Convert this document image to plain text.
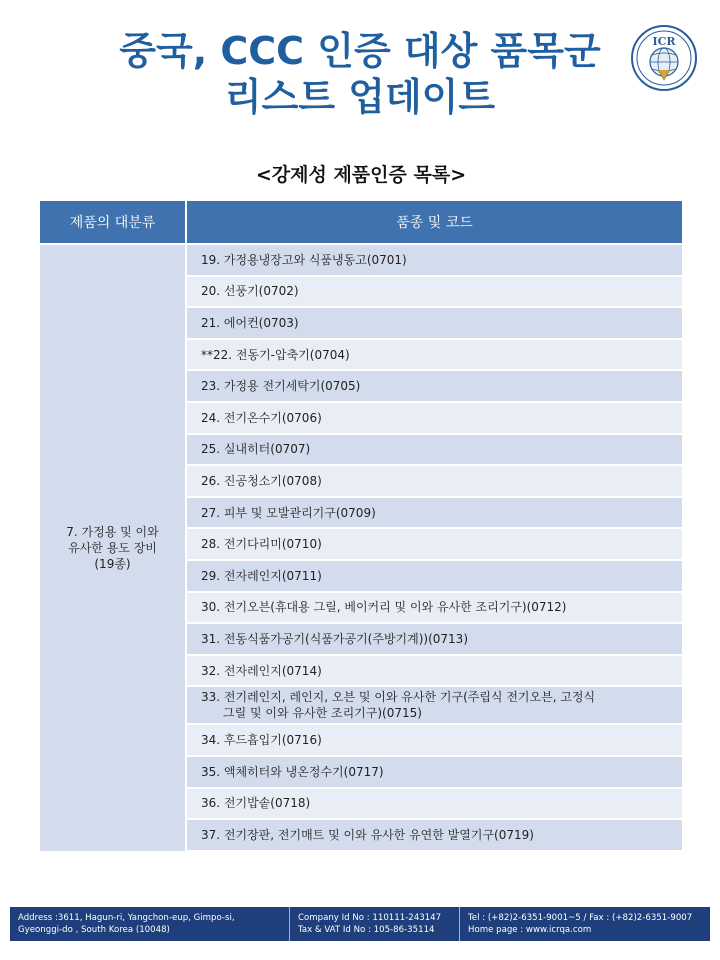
중국, CCC 인증 대상 품목군
리스트 업데이트
ICR
<강제성 제품인증 목록>
제품의 대분류	품종 및 코드

7. 가정용 및 이와
유사한 용도 장비
(19종)	19. 가정용냉장고와 식품냉동고(0701)
	20. 선풍기(0702)
	21. 에어컨(0703)
	**22. 전동기-압축기(0704)
	23. 가정용 전기세탁기(0705)
	24. 전기온수기(0706)
	25. 실내히터(0707)
	26. 진공청소기(0708)
	27. 피부 및 모발관리기구(0709)
	28. 전기다리미(0710)
	29. 전자레인지(0711)
	30. 전기오븐(휴대용 그릴, 베이커리 및 이와 유사한 조리기구)(0712)
	31. 전동식품가공기(식품가공기(주방기계))(0713)
	32. 전자레인지(0714)
	33. 전기레인지, 레인지, 오븐 및 이와 유사한 기구(주립식 전기오븐, 고정식
그릴 및 이와 유사한 조리기구)(0715)

	34. 후드흡입기(0716)
	35. 액체히터와 냉온정수기(0717)
	36. 전기밥솥(0718)
	37. 전기장판, 전기매트 및 이와 유사한 유연한 발열기구(0719)
Address :3611, Hagun-ri, Yangchon-eup, Gimpo-si,
Gyeonggi-do , South Korea (10048)
Company Id No : 110111-243147
Tax & VAT Id No : 105-86-35114
Tel : (+82)2-6351-9001~5 / Fax : (+82)2-6351-9007
Home page : www.icrqa.com
